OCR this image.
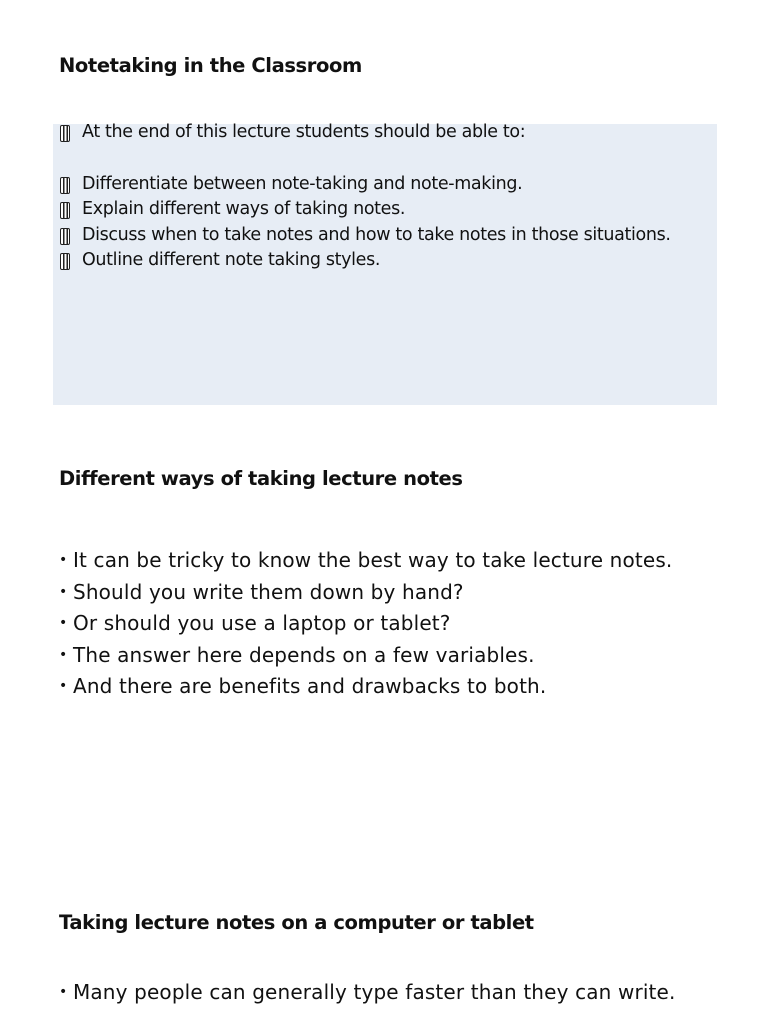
Notetaking in the Classroom
At the end of this lecture students should be able to:
Differentiate between note-taking and note-making.
Explain different ways of taking notes.
Discuss when to take notes and how to take notes in those situations.
Outline different note taking styles.
Different ways of taking lecture notes
• It can be tricky to know the best way to take lecture notes.
• Should you write them down by hand?
• Or should you use a laptop or tablet?
• The answer here depends on a few variables.
• And there are benefits and drawbacks to both.
Taking lecture notes on a computer or tablet
• Many people can generally type faster than they can write.
